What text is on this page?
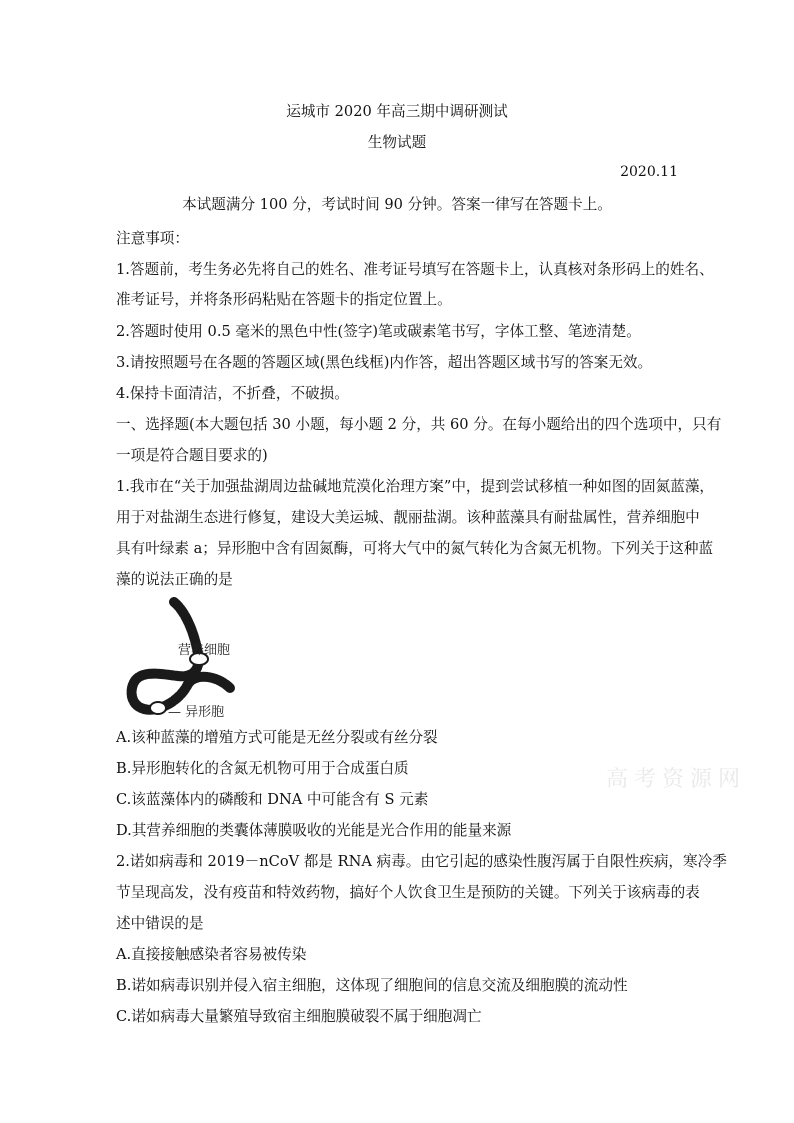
运城市 2020 年高三期中调研测试
生物试题
2020.11
本试题满分 100 分，考试时间 90 分钟。答案一律写在答题卡上。
注意事项：
1.答题前，考生务必先将自己的姓名、准考证号填写在答题卡上，认真核对条形码上的姓名、
准考证号，并将条形码粘贴在答题卡的指定位置上。
2.答题时使用 0.5 毫米的黑色中性(签字)笔或碳素笔书写，字体工整、笔迹清楚。
3.请按照题号在各题的答题区域(黑色线框)内作答，超出答题区域书写的答案无效。
4.保持卡面清洁，不折叠，不破损。
一、选择题(本大题包括 30 小题，每小题 2 分，共 60 分。在每小题给出的四个选项中，只有
一项是符合题目要求的)
1.我市在“关于加强盐湖周边盐碱地荒漠化治理方案”中，提到尝试移植一种如图的固氮蓝藻，
用于对盐湖生态进行修复，建设大美运城、靓丽盐湖。该种蓝藻具有耐盐属性，营养细胞中
具有叶绿素 a；异形胞中含有固氮酶，可将大气中的氮气转化为含氮无机物。下列关于这种蓝
藻的说法正确的是
营养细胞
— 异形胞
A.该种蓝藻的增殖方式可能是无丝分裂或有丝分裂
B.异形胞转化的含氮无机物可用于合成蛋白质
C.该蓝藻体内的磷酸和 DNA 中可能含有 S 元素
D.其营养细胞的类囊体薄膜吸收的光能是光合作用的能量来源
2.诺如病毒和 2019－nCoV 都是 RNA 病毒。由它引起的感染性腹泻属于自限性疾病，寒冷季
节呈现高发，没有疫苗和特效药物，搞好个人饮食卫生是预防的关键。下列关于该病毒的表
述中错误的是
A.直接接触感染者容易被传染
B.诺如病毒识别并侵入宿主细胞，这体现了细胞间的信息交流及细胞膜的流动性
C.诺如病毒大量繁殖导致宿主细胞膜破裂不属于细胞凋亡
高考资源网
